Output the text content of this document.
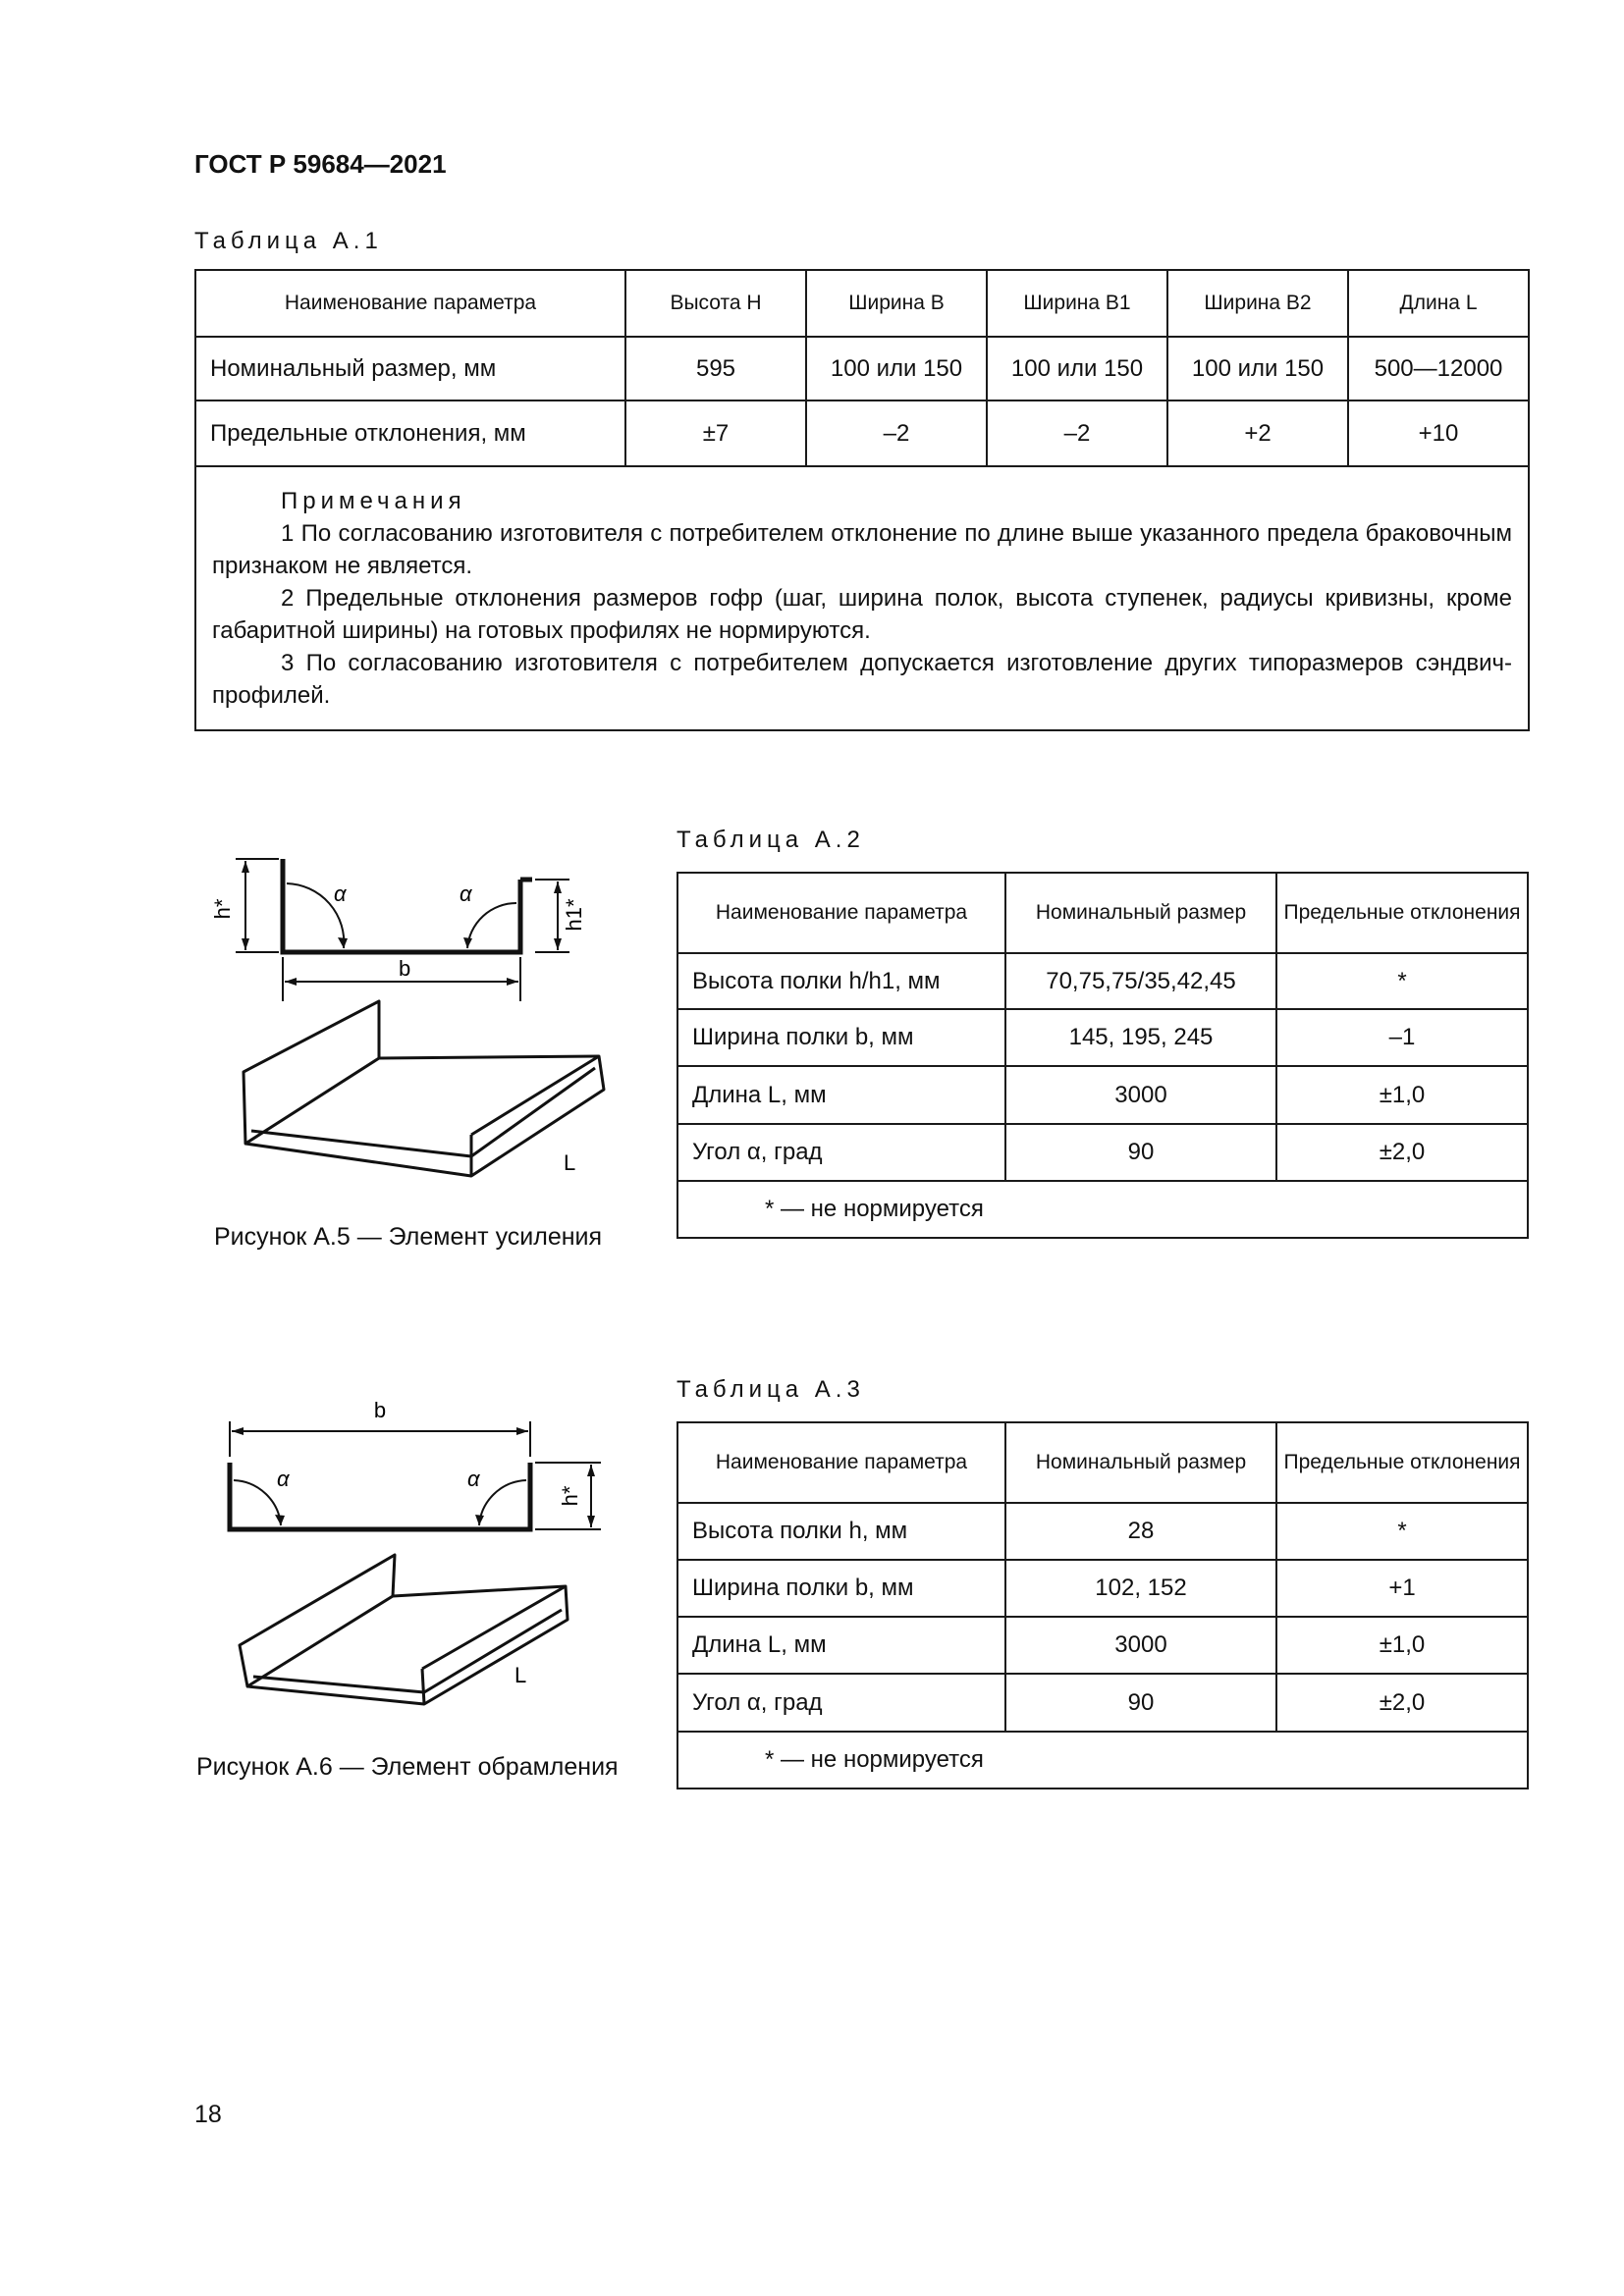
ГОСТ Р 59684—2021
Таблица А.1
Наименование параметра	Высота H	Ширина B	Ширина B1	Ширина B2	Длина L
Номинальный размер, мм	595	100 или 150	100 или 150	100 или 150	500—12000
Предельные отклонения, мм	±7	–2	–2	+2	+10

Примечания

1 По согласованию изготовителя с потребителем отклонение по длине выше указанного предела браковочным признаком не является.

2 Предельные отклонения размеров гофр (шаг, ширина полок, высота ступенек, радиусы кривизны, кроме габаритной ширины) на готовых профилях не нормируются.

3 По согласованию изготовителя с потребителем допускается изготовление других типоразмеров сэндвич-профилей.					

h*	h1*
α	α
b
L
Рисунок А.5 — Элемент усиления
Таблица А.2
Наименование параметра	Номинальный размер	Предельные отклонения
Высота полки h/h1, мм	70,75,75/35,42,45	*
Ширина полки b, мм	145, 195, 245	–1
Длина L, мм	3000	±1,0
Угол α, град	90	±2,0
* — не нормируется		
b
h*
α	α
L
Рисунок А.6 — Элемент обрамления
Таблица А.3
Наименование параметра	Номинальный размер	Предельные отклонения
Высота полки h, мм	28	*
Ширина полки b, мм	102, 152	+1
Длина L, мм	3000	±1,0
Угол α, град	90	±2,0
* — не нормируется		
18
